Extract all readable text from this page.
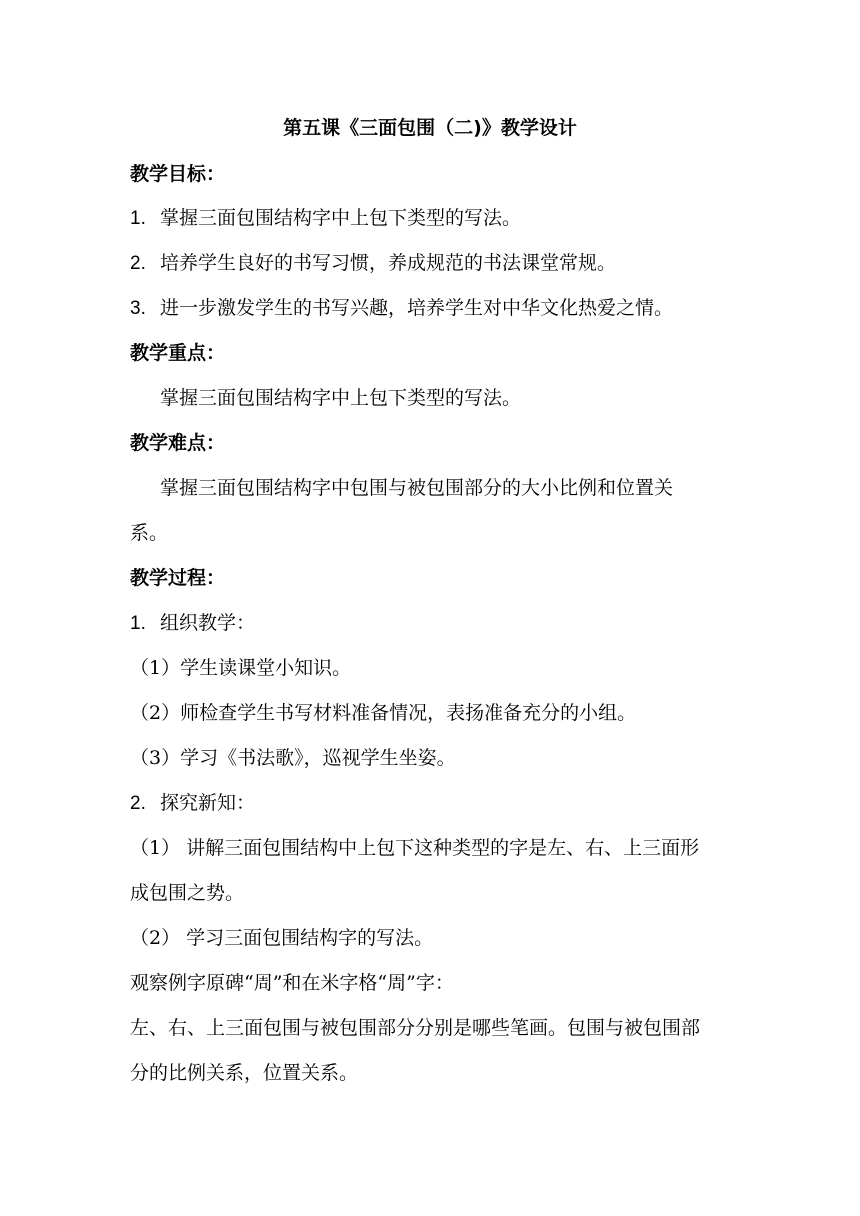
第五课《三面包围（二)》教学设计
教学目标：
1. 掌握三面包围结构字中上包下类型的写法。
2. 培养学生良好的书写习惯，养成规范的书法课堂常规。
3. 进一步激发学生的书写兴趣，培养学生对中华文化热爱之情。
教学重点：
掌握三面包围结构字中上包下类型的写法。
教学难点：
掌握三面包围结构字中包围与被包围部分的大小比例和位置关
系。
教学过程：
1. 组织教学：
（1）学生读课堂小知识。
（2）师检查学生书写材料准备情况，表扬准备充分的小组。
（3）学习《书法歌》，巡视学生坐姿。
2. 探究新知：
（1） 讲解三面包围结构中上包下这种类型的字是左、右、上三面形
成包围之势。
（2） 学习三面包围结构字的写法。
观察例字原碑“周”和在米字格“周”字：
左、右、上三面包围与被包围部分分别是哪些笔画。包围与被包围部
分的比例关系，位置关系。
